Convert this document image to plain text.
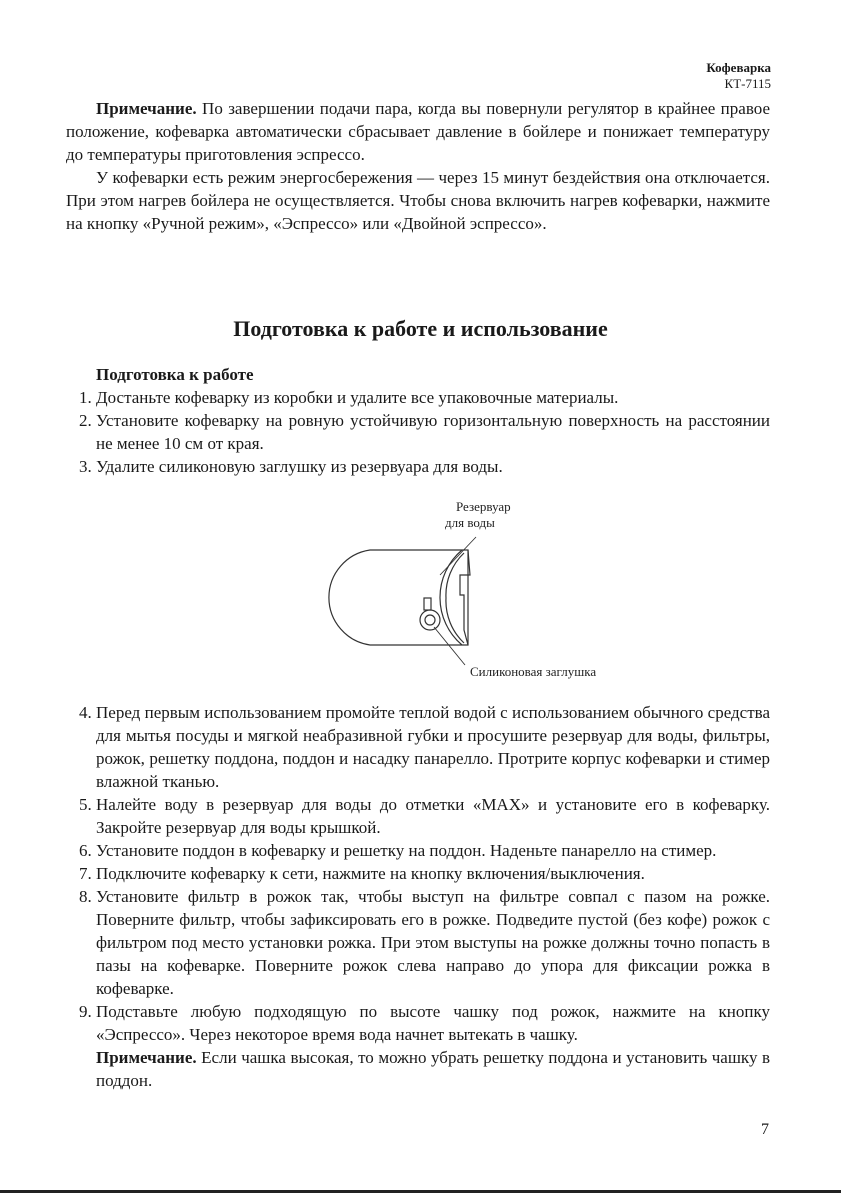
Кофеварка
КТ-7115

Примечание. По завершении подачи пара, когда вы повернули регулятор в крайнее правое положение, кофеварка автоматически сбрасывает давление в бойлере и понижает температуру до температуры приготовления эспрессо.

У кофеварки есть режим энергосбережения — через 15 минут бездействия она отключается. При этом нагрев бойлера не осуществляется. Чтобы снова включить нагрев кофеварки, нажмите на кнопку «Ручной режим», «Эспрессо» или «Двойной эспрессо».

Подготовка к работе и использование
Подготовка к работе
1. Достаньте кофеварку из коробки и удалите все упаковочные материалы.
2. Установите кофеварку на ровную устойчивую горизонтальную поверхность на расстоянии не менее 10 см от края.
3. Удалите силиконовую заглушку из резервуара для воды.
Резервуар
для воды
Силиконовая заглушка
4. Перед первым использованием промойте теплой водой с использованием обычного средства для мытья посуды и мягкой неабразивной губки и просушите резервуар для воды, фильтры, рожок, решетку поддона, поддон и насадку панарелло. Протрите корпус кофеварки и стимер влажной тканью.
5. Налейте воду в резервуар для воды до отметки «MAX» и установите его в кофеварку. Закройте резервуар для воды крышкой.
6. Установите поддон в кофеварку и решетку на поддон. Наденьте панарелло на стимер.
7. Подключите кофеварку к сети, нажмите на кнопку включения/выключения.
8. Установите фильтр в рожок так, чтобы выступ на фильтре совпал с пазом на рожке. Поверните фильтр, чтобы зафиксировать его в рожке. Подведите пустой (без кофе) рожок с фильтром под место установки рожка. При этом выступы на рожке должны точно попасть в пазы на кофеварке. Поверните рожок слева направо до упора для фиксации рожка в кофеварке.
9. Подставьте любую подходящую по высоте чашку под рожок, нажмите на кнопку «Эспрессо». Через некоторое время вода начнет вытекать в чашку.
Примечание. Если чашка высокая, то можно убрать решетку поддона и установить чашку в поддон.
7
